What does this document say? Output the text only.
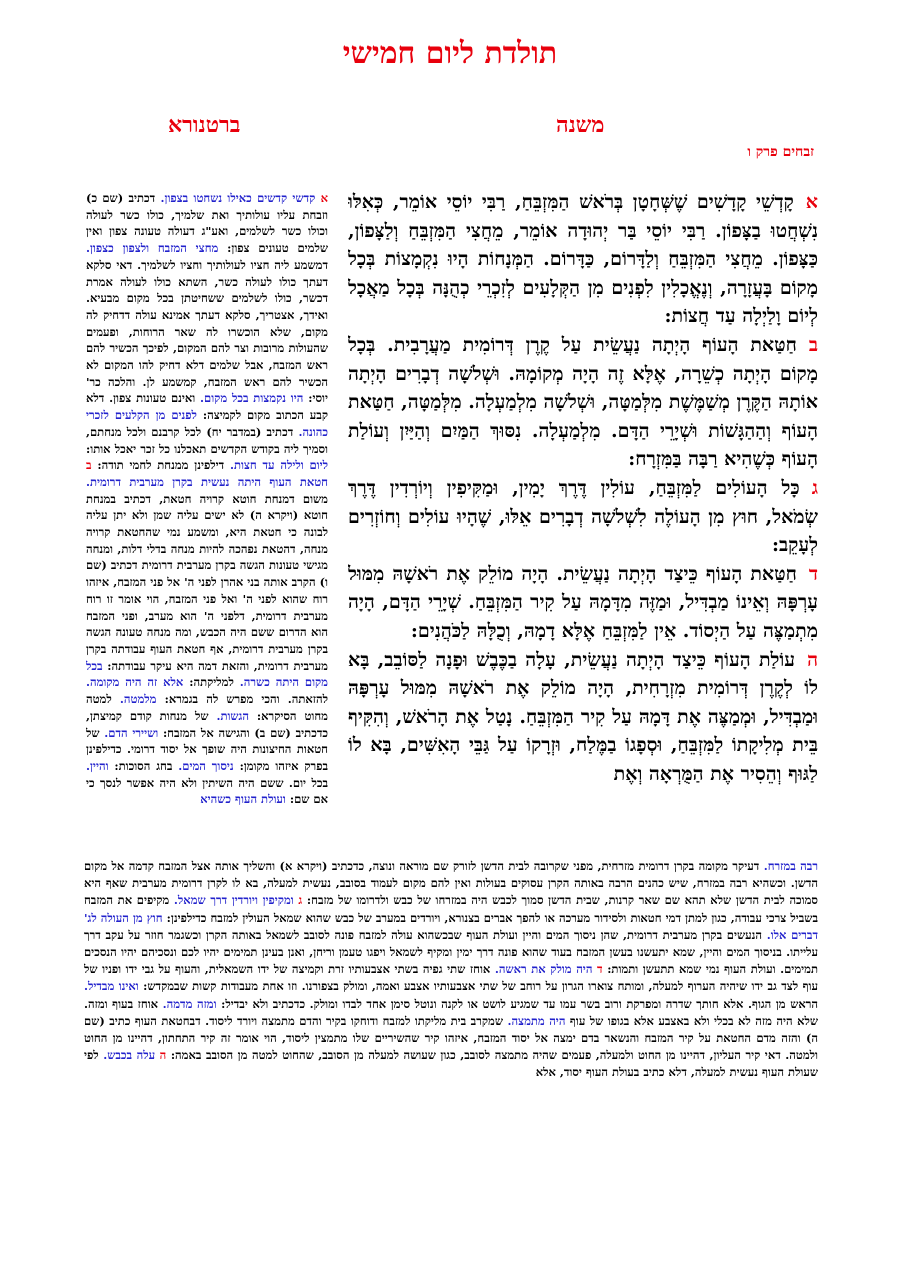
תולדת ליום חמישי
משנה
ברטנורא
זבחים פרק ו

אקָדְשֵׁי קָדָשִׁים שֶׁשְּׁחָטָן בְּרֹאשׁ הַמִּזְבֵּחַ, רַבִּי יוֹסֵי אוֹמֵר, כְּאִלּוּ נִשְׁחֲטוּ בַצָּפוֹן. רַבִּי יוֹסֵי בַּר יְהוּדָה אוֹמֵר, מֵחֲצִי הַמִּזְבֵּחַ וְלַצָּפוֹן, כַּצָּפוֹן. מֵחֲצִי הַמִּזְבֵּחַ וְלַדָּרוֹם, כַּדָּרוֹם. הַמְּנָחוֹת הָיוּ נִקְמָצוֹת בְּכָל מָקוֹם בָּעֲזָרָה, וְנֶאֱכָלִין לִפְנִים מִן הַקְּלָעִים לְזִכְרֵי כְהֻנָּה בְּכָל מַאֲכָל לְיוֹם וָלַיְלָה עַד חֲצוֹת:

בחַטַּאת הָעוֹף הָיְתָה נַעֲשֵׂית עַל קֶרֶן דְּרוֹמִית מַעֲרָבִית. בְּכָל מָקוֹם הָיְתָה כְשֵׁרָה, אֶלָּא זֶה הָיָה מְקוֹמָהּ. וּשְׁלשָׁה דְבָרִים הָיְתָה אוֹתָהּ הַקֶּרֶן מְשַׁמֶּשֶׁת מִלְּמַטָּה, וּשְׁלשָׁה מִלְמַעְלָה. מִלְּמַטָּה, חַטַּאת הָעוֹף וְהַהַגָּשׁוֹת וּשְׁיָרֵי הַדָּם. מִלְמַעְלָה. נִסּוּךְ הַמַּיִם וְהַיַּיִן וְעוֹלַת הָעוֹף כְּשֶׁהִיא רַבָּה בַּמִּזְרָח:

גכָּל הָעוֹלִים לַמִּזְבֵּחַ, עוֹלִין דֶּרֶךְ יָמִין, וּמַקִּיפִין וְיוֹרְדִין דֶּרֶךְ שְׂמֹאל, חוּץ מִן הָעוֹלֶה לִשְׁלשָׁה דְבָרִים אֵלּוּ, שֶׁהָיוּ עוֹלִים וְחוֹזְרִים לְעָקֵב:

דחַטַּאת הָעוֹף כֵּיצַד הָיְתָה נַעֲשֵׂית. הָיָה מוֹלֵק אֶת רֹאשָׁהּ מִמּוּל עָרְפָּהּ וְאֵינוֹ מַבְדִּיל, וּמַזֶּה מִדָּמָהּ עַל קִיר הַמִּזְבֵּחַ. שְׁיָרֵי הַדָּם, הָיָה מִתְמַצֶּה עַל הַיְסוֹד. אֵין לַמִּזְבֵּחַ אֶלָּא דָמָהּ, וְכֻלָּהּ לַכֹּהֲנִים:

העוֹלַת הָעוֹף כֵּיצַד הָיְתָה נַעֲשֵׂית, עָלָה בַכֶּבֶשׁ וּפָנָה לַסּוֹבֵב, בָּא לוֹ לְקֶרֶן דְּרוֹמִית מִזְרָחִית, הָיָה מוֹלֵק אֶת רֹאשָׁהּ מִמּוּל עָרְפָּהּ וּמַבְדִּיל, וּמְמַצֶּה אֶת דָּמָהּ עַל קִיר הַמִּזְבֵּחַ. נָטַל אֶת הָרֹאשׁ, וְהִקִּיף בֵּית מְלִיקָתוֹ לַמִּזְבֵּחַ, וּסְפָגוֹ בַמֶּלַח, וּזְרָקוֹ עַל גַּבֵּי הָאִשִּׁים, בָּא לוֹ לַגּוּף וְהֵסִיר אֶת הַמֻּרְאָה וְאֶת

א קדשי קדשים כאילו נשחטו בצפון. דכתיב (שם כ) וזבחת עליו עולותיך ואת שלמיך, כולו כשר לעולה וכולו כשר לשלמים, ואע"ג דעולה טעונה צפון ואין שלמים טעונים צפון: מחצי המזבח ולצפון כצפון. דמשמע ליה חציו לעולותיך וחציו לשלמיך. דאי סלקא דעתך כולו לעולה כשר, השתא כולו לעולה אמרת דכשר, כולו לשלמים ששחיטתן בכל מקום מבעיא. ואידך, אצטריך, סלקא דעתך אמינא עולה דדחיק לה מקום, שלא הוכשרו לה שאר הרוחות, ופעמים שהעולות מרובות וצר להם המקום, לפיכך הכשיר להם ראש המזבח, אבל שלמים דלא דחיק להו המקום לא הכשיר להם ראש המזבח, קמשמע לן. והלכה כר' יוסי: היו נקמצות בכל מקום. ואינם טעונות צפון. דלא קבע הכתוב מקום לקמיצה: לפנים מן הקלעים לזכרי כהונה. דכתיב (במדבר יח) לכל קרבנם ולכל מנחתם, וסמיך ליה בקודש הקדשים תאכלנו כל זכר יאכל אותו: ליום ולילה עד חצות. דילפינן ממנחת לחמי תודה: ב חטאת העוף היתה נעשית בקרן מערבית דרומית. משום דמנחת חוטא קרויה חטאת, דכתיב במנחת חוטא (ויקרא ה) לא ישים עליה שמן ולא יתן עליה לבונה כי חטאת היא, ומשמע נמי שהחטאת קרויה מנחה, דהטאת נפהכה להיות מנחה בדלי דלות, ומנחה מגישי טעונות הגשה בקרן מערבית דרומית דכתיב (שם ו) הקרב אותה בני אהרן לפני ה' אל פני המזבח, איזהו רוח שהוא לפני ה' ואל פני המזבח, הוי אומר זו רוח מערבית דרומית, דלפני ה' הוא מערב, ופני המזבח הוא הדרום ששם היה הכבש, ומה מנחה טעונה הגשה בקרן מערבית דרומית, אף חטאת העוף עבודתה בקרן מערבית דרומית, והזאת דמה היא עיקר עבודתה: בכל מקום היתה כשרה. למליקתה: אלא זה היה מקומה. להזאתה. והכי מפרש לה בגמרא: מלמטה. למטה מחוט הסיקרא: הגשות. של מנחות קודם קמיצתן, כדכתיב (שם ב) והגישה אל המזבח: ושיירי הדם. של חטאות החיצונות היה שופך אל יסוד דרומי. כדילפינן בפרק איזהו מקומן: ניסוך המים. בחג הסוכות: והיין. בכל יום. ששם היה השיתין ולא היה אפשר לנסך כי אם שם: ועולת העוף כשהיא
רבה במזרח. דעיקר מקומה בקרן דרומית מזרחית, מפני שקרובה לבית הדשן לזורק שם מוראה ונוצה, כדכתיב (ויקרא א) והשליך אותה אצל המזבח קדמה אל מקום הדשן. וכשהיא רבה במזרח, שיש כהנים הרבה באותה הקרן עסוקים בעולות ואין להם מקום לעמוד בסובב, נעשית למעלה, בא לו לקרן דרומית מערבית שאף היא סמוכה לבית הדשן שלא תהא שם שאר קרנות, שבית הדשן סמוך לכבש היה במזרחו של כבש ולדרומו של מזבח: ג ומקיפין ויורדין דרך שמאל. מקיפים את המזבח בשביל צרכי עבודה, כגון למתן דמי חטאות ולסידור מערכה או להפך אברים בצנורא, ויורדים במערב של כבש שהוא שמאל העולין למזבח כדילפינן: חוץ מן העולה לג' דברים אלו. הנעשים בקרן מערבית דרומית, שהן ניסוך המים והיין ועולת העוף שבכשהוא עולה למזבח פונה לסובב לשמאל באותה הקרן וכשגמר חוזר על עקב דרך עלייתו. בניסוך המים והיין, שמא יתעשנו בעשן המזבח בעוד שהוא פונה דרך ימין ומקיף לשמאל ויפגו טעמן וריחן, ואנן בעינן תמימים יהיו לכם ונסכיהם יהיו הנסכים תמימים. ועולת העוף נמי שמא תתעשן ותמות: ד היה מולק את ראשה. אוחז שתי גפיה בשתי אצבעותיו זרת וקמיצה של ידו השמאלית, והעוף על גבי ידו ופניו של עוף לצד גב ידו שיהיה הערוף למעלה, ומותח צוארו הגרון על רוחב של שתי אצבעותיו אצבע ואמה, ומולק בצפורנו. וזו אחת מעבודות קשות שבמקדש: ואינו מבדיל. הראש מן הגוף. אלא חותך שדרה ומפרקת ורוב בשר עמו עד שמגיע לושט או לקנה ונוטל סימן אחד לבדו ומולק. כדכתיב ולא יבדיל: ומזה מדמה. אוחז בעוף ומזה. שלא היה מזה לא בכלי ולא באצבע אלא בגופו של עוף היה מתמצה. שמקרב בית מליקתו למזבח ודוחקו בקיר והדם מתמצה ויורד ליסוד. דבחטאת העוף כתיב (שם ה) והזה מדם החטאת על קיר המזבח והנשאר בדם ימצה אל יסוד המזבח, איזהו קיר שהשיריים שלו מתמצין ליסוד, הוי אומר זה קיר התחתון, דהיינו מן החוט ולמטה. דאי קיר העליון, דהיינו מן החוט ולמעלה, פעמים שהיה מתמצה לסובב, כגון שעושה למעלה מן הסובב, שהחוט למטה מן הסובב באמה: ה עלה בכבש. לפי שעולת העוף נעשית למעלה, דלא כתיב בעולת העוף יסוד, אלא
